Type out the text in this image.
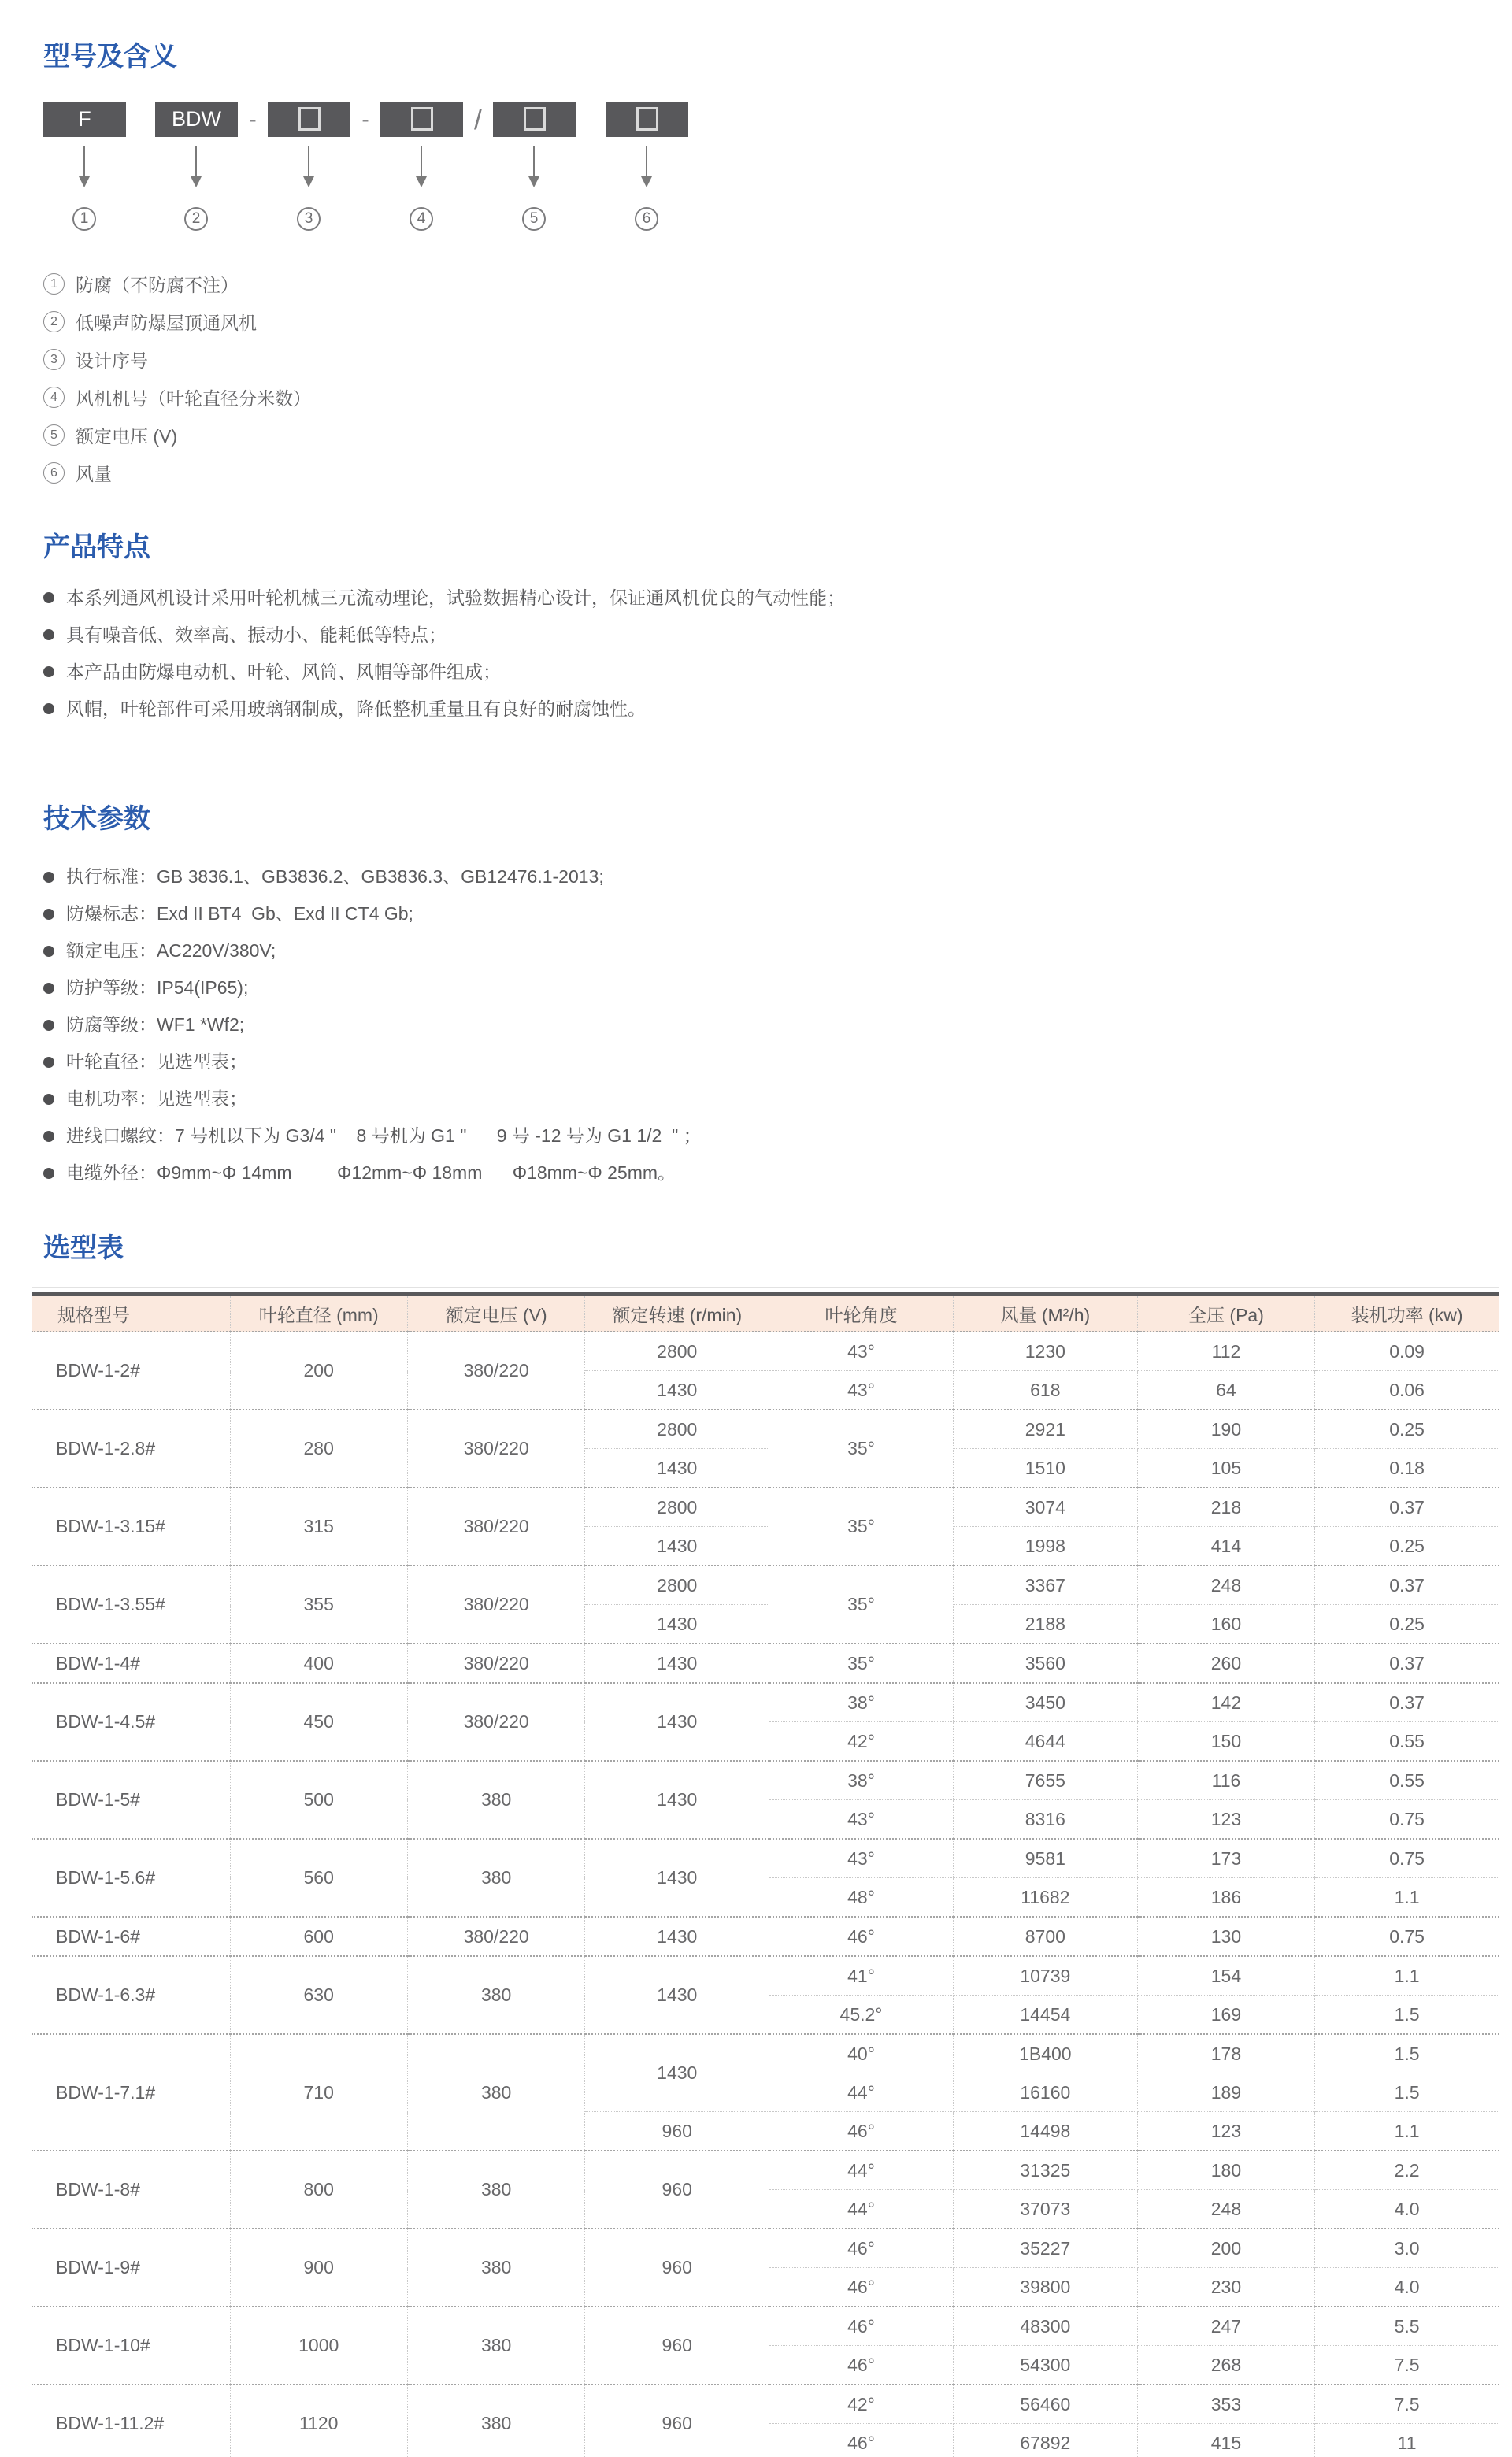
型号及含义
F	BDW	-	-	/
1	2	3	4	5	6
1	防腐（不防腐不注）
2	低噪声防爆屋顶通风机
3	设计序号
4	风机机号（叶轮直径分米数）
5	额定电压 (V)
6	风量
产品特点
本系列通风机设计采用叶轮机械三元流动理论，试验数据精心设计，保证通风机优良的气动性能；
具有噪音低、效率高、振动小、能耗低等特点；
本产品由防爆电动机、叶轮、风筒、风帽等部件组成；
风帽，叶轮部件可采用玻璃钢制成，降低整机重量且有良好的耐腐蚀性。
技术参数
执行标准：GB 3836.1、GB3836.2、GB3836.3、GB12476.1-2013;
防爆标志：Exd II BT4  Gb、Exd II CT4 Gb;
额定电压：AC220V/380V;
防护等级：IP54(IP65);
防腐等级：WF1 *Wf2;
叶轮直径：见选型表；
电机功率：见选型表；
进线口螺纹：7 号机以下为 G3/4 "    8 号机为 G1 "      9 号 -12 号为 G1 1/2  " ；
电缆外径：Φ9mm~Φ 14mm         Φ12mm~Φ 18mm      Φ18mm~Φ 25mm。
选型表
规格型号	叶轮直径 (mm)	额定电压 (V)	额定转速 (r/min)	叶轮角度	风量 (M²/h)	全压 (Pa)	装机功率 (kw)
BDW-1-2#	200	380/220	2800	43°	1230	112	0.09
			1430	43°	618	64	0.06
BDW-1-2.8#	280	380/220	2800	35°	2921	190	0.25
			1430		1510	105	0.18
BDW-1-3.15#	315	380/220	2800	35°	3074	218	0.37
			1430		1998	414	0.25
BDW-1-3.55#	355	380/220	2800	35°	3367	248	0.37
			1430		2188	160	0.25
BDW-1-4#	400	380/220	1430	35°	3560	260	0.37
BDW-1-4.5#	450	380/220	1430	38°	3450	142	0.37
				42°	4644	150	0.55
BDW-1-5#	500	380	1430	38°	7655	116	0.55
				43°	8316	123	0.75
BDW-1-5.6#	560	380	1430	43°	9581	173	0.75
				48°	11682	186	1.1
BDW-1-6#	600	380/220	1430	46°	8700	130	0.75
BDW-1-6.3#	630	380	1430	41°	10739	154	1.1
				45.2°	14454	169	1.5
BDW-1-7.1#	710	380	1430	40°	1B400	178	1.5
				44°	16160	189	1.5
			960	46°	14498	123	1.1
BDW-1-8#	800	380	960	44°	31325	180	2.2
				44°	37073	248	4.0
BDW-1-9#	900	380	960	46°	35227	200	3.0
				46°	39800	230	4.0
BDW-1-10#	1000	380	960	46°	48300	247	5.5
				46°	54300	268	7.5
BDW-1-11.2#	1120	380	960	42°	56460	353	7.5
				46°	67892	415	11
